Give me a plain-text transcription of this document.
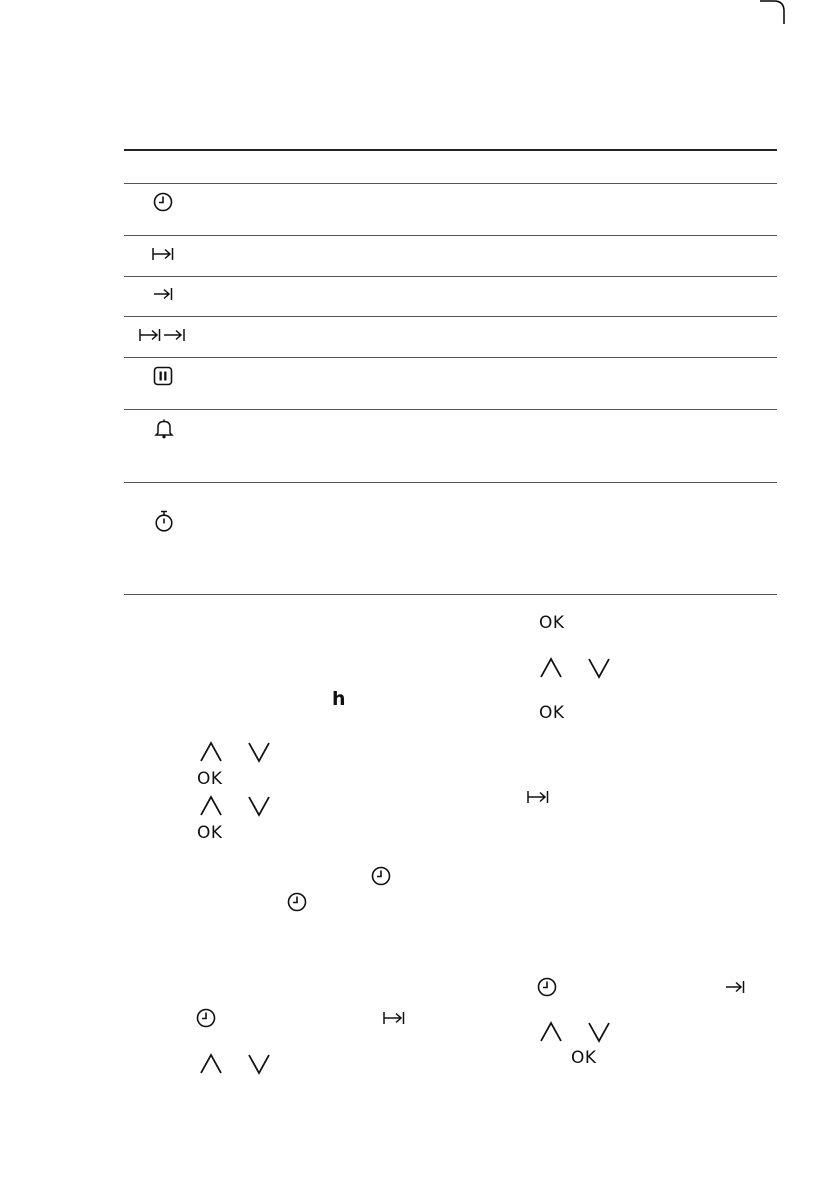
h
OK
OK
OK
OK
OK
